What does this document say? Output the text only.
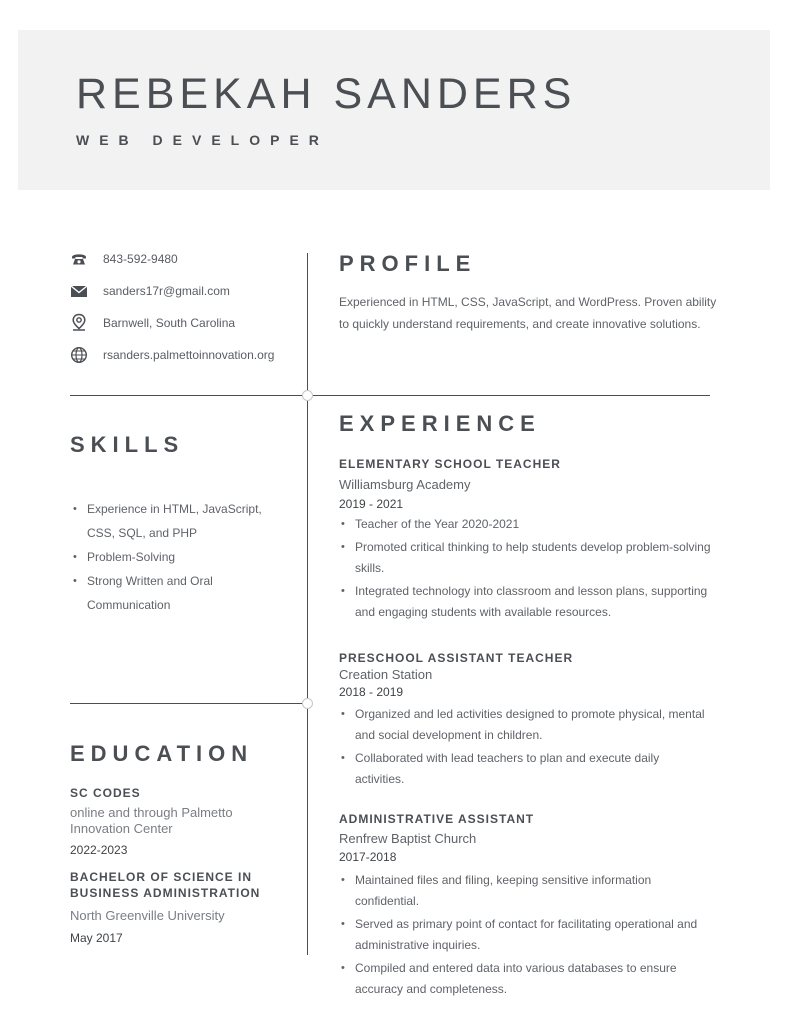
REBEKAH SANDERS
WEB DEVELOPER
843-592-9480
sanders17r@gmail.com
Barnwell, South Carolina
rsanders.palmettoinnovation.org
PROFILE
Experienced in HTML, CSS, JavaScript, and WordPress. Proven ability
to quickly understand requirements, and create innovative solutions.
SKILLS
• Experience in HTML, JavaScript, CSS, SQL, and PHP
• Problem-Solving
• Strong Written and Oral Communication
EXPERIENCE
ELEMENTARY SCHOOL TEACHER
Williamsburg Academy
2019 - 2021
• Teacher of the Year 2020-2021
• Promoted critical thinking to help students develop problem-solving skills.
• Integrated technology into classroom and lesson plans, supporting and engaging students with available resources.
PRESCHOOL ASSISTANT TEACHER
Creation Station
2018 - 2019
• Organized and led activities designed to promote physical, mental and social development in children.
• Collaborated with lead teachers to plan and execute daily activities.
ADMINISTRATIVE ASSISTANT
Renfrew Baptist Church
2017-2018
• Maintained files and filing, keeping sensitive information confidential.
• Served as primary point of contact for facilitating operational and administrative inquiries.
• Compiled and entered data into various databases to ensure accuracy and completeness.
EDUCATION
SC CODES
online and through Palmetto Innovation Center
2022-2023
BACHELOR OF SCIENCE IN BUSINESS ADMINISTRATION
North Greenville University
May 2017
